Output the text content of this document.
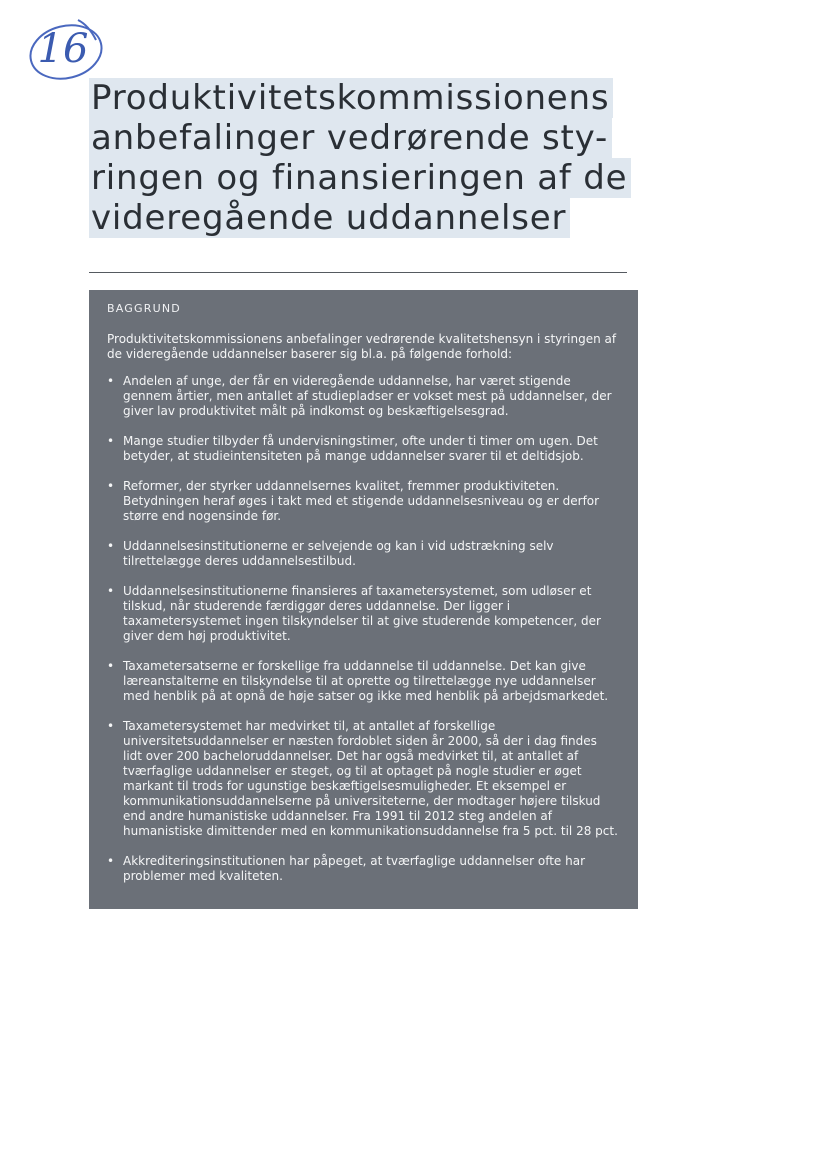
16
Produktivitetskommissionens
anbefalinger vedrørende sty-
ringen og finansieringen af de
videregående uddannelser
BAGGRUND

Produktivitetskommissionens anbefalinger vedrørende kvalitetshensyn i styringen af de videregående uddannelser baserer sig bl.a. på følgende forhold:

• Andelen af unge, der får en videregående uddannelse, har været stigende gennem årtier, men antallet af studiepladser er vokset mest på uddannelser, der giver lav produktivitet målt på indkomst og beskæftigelsesgrad.
• Mange studier tilbyder få undervisningstimer, ofte under ti timer om ugen. Det betyder, at studieintensiteten på mange uddannelser svarer til et deltidsjob.
• Reformer, der styrker uddannelsernes kvalitet, fremmer produktiviteten. Betydningen heraf øges i takt med et stigende uddannelsesniveau og er derfor større end nogensinde før.
• Uddannelsesinstitutionerne er selvejende og kan i vid udstrækning selv tilrettelægge deres uddannelsestilbud.
• Uddannelsesinstitutionerne finansieres af taxametersystemet, som udløser et tilskud, når studerende færdiggør deres uddannelse. Der ligger i taxametersystemet ingen tilskyndelser til at give studerende kompetencer, der giver dem høj produktivitet.
• Taxametersatserne er forskellige fra uddannelse til uddannelse. Det kan give læreanstalterne en tilskyndelse til at oprette og tilrettelægge nye uddannelser med henblik på at opnå de høje satser og ikke med henblik på arbejdsmarkedet.
• Taxametersystemet har medvirket til, at antallet af forskellige universitetsuddannelser er næsten fordoblet siden år 2000, så der i dag findes lidt over 200 bacheloruddannelser. Det har også medvirket til, at antallet af tværfaglige uddannelser er steget, og til at optaget på nogle studier er øget markant til trods for ugunstige beskæftigelsesmuligheder. Et eksempel er kommunikationsuddannelserne på universiteterne, der modtager højere tilskud end andre humanistiske uddannelser. Fra 1991 til 2012 steg andelen af humanistiske dimittender med en kommunikationsuddannelse fra 5 pct. til 28 pct.
• Akkrediteringsinstitutionen har påpeget, at tværfaglige uddannelser ofte har problemer med kvaliteten.
